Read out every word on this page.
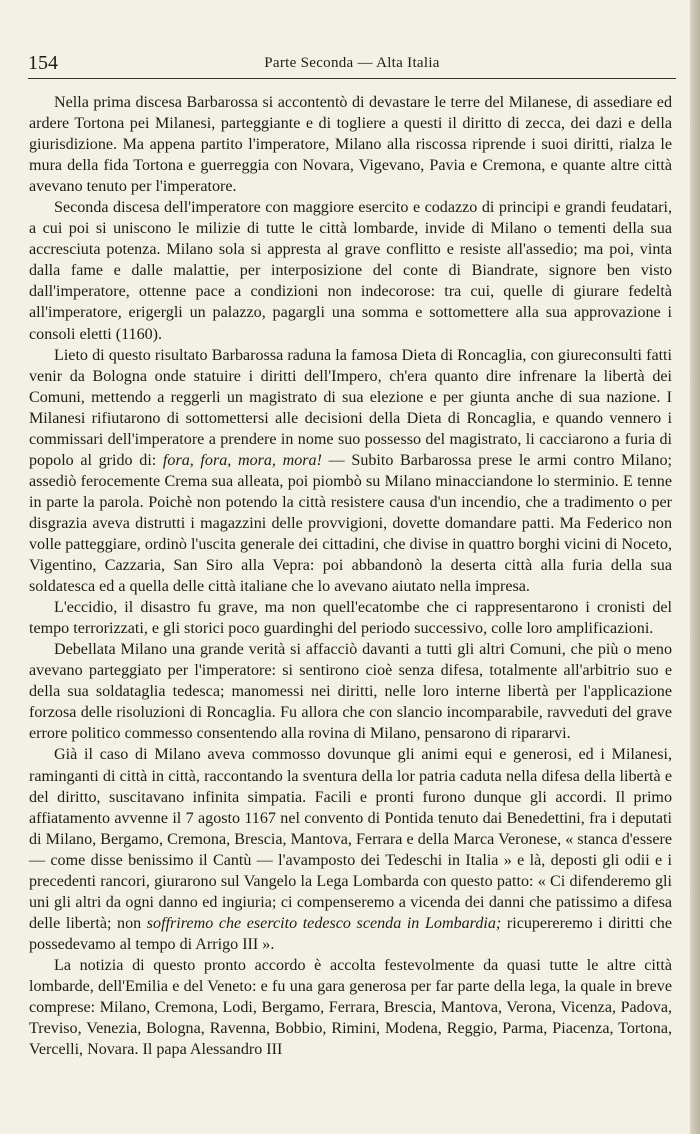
154	Parte Seconda — Alta Italia

Nella prima discesa Barbarossa si accontentò di devastare le terre del Milanese, di assediare ed ardere Tortona pei Milanesi, parteggiante e di togliere a questi il diritto di zecca, dei dazi e della giurisdizione. Ma appena partito l'imperatore, Milano alla riscossa riprende i suoi diritti, rialza le mura della fida Tortona e guerreggia con Novara, Vigevano, Pavia e Cremona, e quante altre città avevano tenuto per l'imperatore.

Seconda discesa dell'imperatore con maggiore esercito e codazzo di principi e grandi feudatari, a cui poi si uniscono le milizie di tutte le città lombarde, invide di Milano o tementi della sua accresciuta potenza. Milano sola si appresta al grave conflitto e resiste all'assedio; ma poi, vinta dalla fame e dalle malattie, per interposizione del conte di Biandrate, signore ben visto dall'imperatore, ottenne pace a condizioni non indecorose: tra cui, quelle di giurare fedeltà all'imperatore, erigergli un palazzo, pagargli una somma e sottomettere alla sua approvazione i consoli eletti (1160).

Lieto di questo risultato Barbarossa raduna la famosa Dieta di Roncaglia, con giureconsulti fatti venir da Bologna onde statuire i diritti dell'Impero, ch'era quanto dire infrenare la libertà dei Comuni, mettendo a reggerli un magistrato di sua elezione e per giunta anche di sua nazione. I Milanesi rifiutarono di sottomettersi alle decisioni della Dieta di Roncaglia, e quando vennero i commissari dell'imperatore a prendere in nome suo possesso del magistrato, li cacciarono a furia di popolo al grido di: fora, fora, mora, mora! — Subito Barbarossa prese le armi contro Milano; assediò ferocemente Crema sua alleata, poi piombò su Milano minacciandone lo sterminio. E tenne in parte la parola. Poichè non potendo la città resistere causa d'un incendio, che a tradimento o per disgrazia aveva distrutti i magazzini delle provvigioni, dovette domandare patti. Ma Federico non volle patteggiare, ordinò l'uscita generale dei cittadini, che divise in quattro borghi vicini di Noceto, Vigentino, Cazzaria, San Siro alla Vepra: poi abbandonò la deserta città alla furia della sua soldatesca ed a quella delle città italiane che lo avevano aiutato nella impresa.

L'eccidio, il disastro fu grave, ma non quell'ecatombe che ci rappresentarono i cronisti del tempo terrorizzati, e gli storici poco guardinghi del periodo successivo, colle loro amplificazioni.

Debellata Milano una grande verità si affacciò davanti a tutti gli altri Comuni, che più o meno avevano parteggiato per l'imperatore: si sentirono cioè senza difesa, totalmente all'arbitrio suo e della sua soldataglia tedesca; manomessi nei diritti, nelle loro interne libertà per l'applicazione forzosa delle risoluzioni di Roncaglia. Fu allora che con slancio incomparabile, ravveduti del grave errore politico commesso consentendo alla rovina di Milano, pensarono di ripararvi.

Già il caso di Milano aveva commosso dovunque gli animi equi e generosi, ed i Milanesi, raminganti di città in città, raccontando la sventura della lor patria caduta nella difesa della libertà e del diritto, suscitavano infinita simpatia. Facili e pronti furono dunque gli accordi. Il primo affiatamento avvenne il 7 agosto 1167 nel convento di Pontida tenuto dai Benedettini, fra i deputati di Milano, Bergamo, Cremona, Brescia, Mantova, Ferrara e della Marca Veronese, « stanca d'essere — come disse benissimo il Cantù — l'avamposto dei Tedeschi in Italia » e là, deposti gli odii e i precedenti rancori, giurarono sul Vangelo la Lega Lombarda con questo patto: « Ci difenderemo gli uni gli altri da ogni danno ed ingiuria; ci compenseremo a vicenda dei danni che patissimo a difesa delle libertà; non soffriremo che esercito tedesco scenda in Lombardia; ricupereremo i diritti che possedevamo al tempo di Arrigo III ».

La notizia di questo pronto accordo è accolta festevolmente da quasi tutte le altre città lombarde, dell'Emilia e del Veneto: e fu una gara generosa per far parte della lega, la quale in breve comprese: Milano, Cremona, Lodi, Bergamo, Ferrara, Brescia, Mantova, Verona, Vicenza, Padova, Treviso, Venezia, Bologna, Ravenna, Bobbio, Rimini, Modena, Reggio, Parma, Piacenza, Tortona, Vercelli, Novara. Il papa Alessandro III
